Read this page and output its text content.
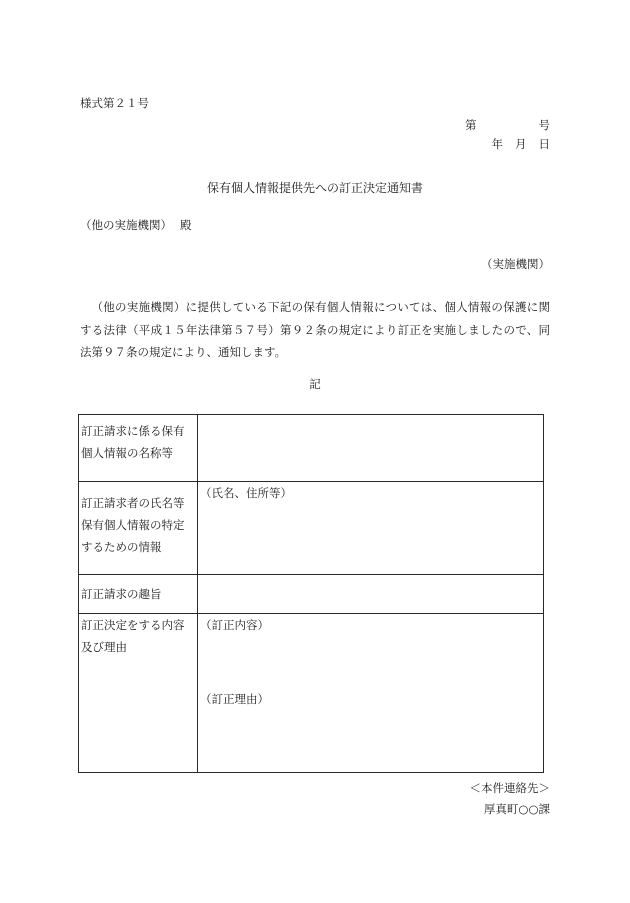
様式第２１号
第	号
年 月 日
保有個人情報提供先への訂正決定通知書
（他の実施機関） 殿
（実施機関）
（他の実施機関）に提供している下記の保有個人情報については、個人情報の保護に関する法律（平成１５年法律第５７号）第９２条の規定により訂正を実施しましたので、同法第９７条の規定により、通知します。
記
訂正請求に係る保有個人情報の名称等	
訂正請求者の氏名等保有個人情報の特定するための情報	（氏名、住所等）
訂正請求の趣旨	
訂正決定をする内容及び理由	（訂正内容）
（訂正理由）
＜本件連絡先＞
厚真町○○課
